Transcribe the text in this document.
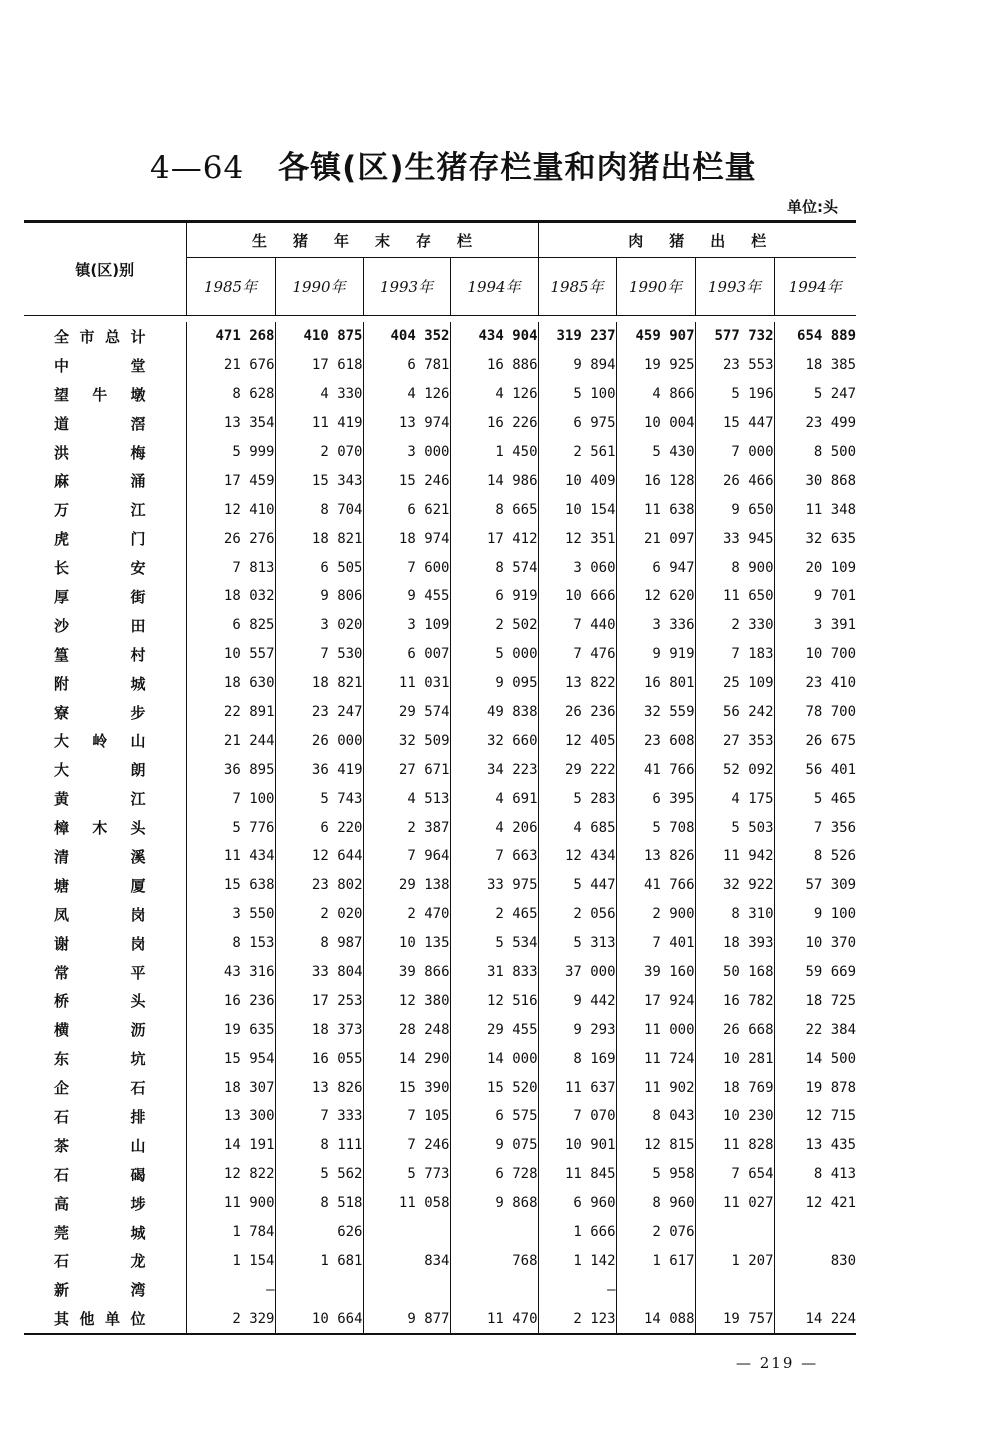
4—64 各镇(区)生猪存栏量和肉猪出栏量
单位:头
镇(区)别	生猪年末存栏				肉猪出栏			
	1985年	1990年	1993年	1994年	1985年	1990年	1993年	1994年

全市总计	471 268	410 875	404 352	434 904	319 237	459 907	577 732	654 889
中堂	21 676	17 618	6 781	16 886	9 894	19 925	23 553	18 385
望牛墩	8 628	4 330	4 126	4 126	5 100	4 866	5 196	5 247
道滘	13 354	11 419	13 974	16 226	6 975	10 004	15 447	23 499
洪梅	5 999	2 070	3 000	1 450	2 561	5 430	7 000	8 500
麻涌	17 459	15 343	15 246	14 986	10 409	16 128	26 466	30 868
万江	12 410	8 704	6 621	8 665	10 154	11 638	9 650	11 348
虎门	26 276	18 821	18 974	17 412	12 351	21 097	33 945	32 635
长安	7 813	6 505	7 600	8 574	3 060	6 947	8 900	20 109
厚街	18 032	9 806	9 455	6 919	10 666	12 620	11 650	9 701
沙田	6 825	3 020	3 109	2 502	7 440	3 336	2 330	3 391
篁村	10 557	7 530	6 007	5 000	7 476	9 919	7 183	10 700
附城	18 630	18 821	11 031	9 095	13 822	16 801	25 109	23 410
寮步	22 891	23 247	29 574	49 838	26 236	32 559	56 242	78 700
大岭山	21 244	26 000	32 509	32 660	12 405	23 608	27 353	26 675
大朗	36 895	36 419	27 671	34 223	29 222	41 766	52 092	56 401
黄江	7 100	5 743	4 513	4 691	5 283	6 395	4 175	5 465
樟木头	5 776	6 220	2 387	4 206	4 685	5 708	5 503	7 356
清溪	11 434	12 644	7 964	7 663	12 434	13 826	11 942	8 526
塘厦	15 638	23 802	29 138	33 975	5 447	41 766	32 922	57 309
凤岗	3 550	2 020	2 470	2 465	2 056	2 900	8 310	9 100
谢岗	8 153	8 987	10 135	5 534	5 313	7 401	18 393	10 370
常平	43 316	33 804	39 866	31 833	37 000	39 160	50 168	59 669
桥头	16 236	17 253	12 380	12 516	9 442	17 924	16 782	18 725
横沥	19 635	18 373	28 248	29 455	9 293	11 000	26 668	22 384
东坑	15 954	16 055	14 290	14 000	8 169	11 724	10 281	14 500
企石	18 307	13 826	15 390	15 520	11 637	11 902	18 769	19 878
石排	13 300	7 333	7 105	6 575	7 070	8 043	10 230	12 715
茶山	14 191	8 111	7 246	9 075	10 901	12 815	11 828	13 435
石碣	12 822	5 562	5 773	6 728	11 845	5 958	7 654	8 413
高埗	11 900	8 518	11 058	9 868	6 960	8 960	11 027	12 421
莞城	1 784	626			1 666	2 076		
石龙	1 154	1 681	834	768	1 142	1 617	1 207	830
新湾	—				—			
其他单位	2 329	10 664	9 877	11 470	2 123	14 088	19 757	14 224
— 219 —
